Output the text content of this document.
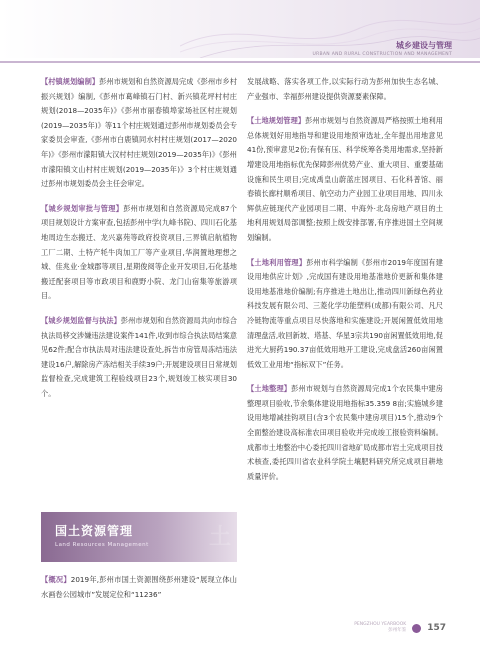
城乡建设与管理
URBAN AND RURAL CONSTRUCTION AND MANAGEMENT

【村镇规划编制】彭州市规划和自然资源局完成《彭州市乡村振兴规划》编制,《彭州市葛峰镇石门村、新兴镇花坪村村庄规划(2018—2035年)》《彭州市丽春镇埠家场社区村庄规划(2019—2035年)》等11个村庄规划通过彭州市规划委员会专家委员会审查,《彭州市白鹿镇同水村村庄规划(2017—2020年)》《彭州市濛阳镇大汉村村庄规划(2019—2035年)》《彭州市濛阳镇文山村村庄规划(2019—2035年)》3个村庄规划通过彭州市规划委员会主任会审定。

【城乡规划审批与管理】彭州市规划和自然资源局完成87个项目规划设计方案审查,包括彭州中学(九峰书院)、四川石化基地周边生态搬迁、龙兴嘉苑等政府投资项目,三界镇启航植物工厂二期、土特产牦牛肉加工厂等产业项目,华润置地理想之城、佳兆业·金城郡等项目,星期俊阅等企业开发项目,石化基地搬迁配套项目等市政项目和鹿野小院、龙门山宿集等旅游项目。

【城乡规划监督与执法】彭州市规划和自然资源局共向市综合执法局移交涉嫌违法建设案件141件,收到市综合执法局结案意见62件;配合市执法局对违法建设查处,拆告市房管局冻结违法建设16户,解除房产冻结相关手续39户;开展建设项目日常规划监督检查,完成建筑工程验线项目23个,规划竣工核实项目30个。

土
国土资源管理
Land Resources Management
【概况】2019年,彭州市国土资源围绕彭州建设“展现立体山水画卷公园城市”发展定位和“11236”

发展战略、落实各项工作,以实际行动为彭州加快生态名城、产业强市、幸福彭州建设提供资源要素保障。

【土地规划管理】彭州市规划与自然资源局严格按照土地利用总体规划好用地指导和建设用地预审选址,全年提出用地意见41份,预审意见2份;有保有压、科学统筹各类用地需求,坚持新增建设用地指标优先保障彭州优势产业、重大项目、重要基础设施和民生项目;完成禹皇山蔚蓝庄园项目、石化科普馆、丽春镇长廊村顺希项目、航空动力产业园工业项目用地、四川永辉供应链现代产业园项目二期、中海外·北岛房地产项目的土地利用规划局部调整;按照上级安排部署,有序推进国土空间规划编制。

【土地利用管理】彭州市科学编制《彭州市2019年度国有建设用地供应计划》,完成国有建设用地基准地价更新和集体建设用地基准地价编制;有序推进土地出让,推动四川新绿色药业科技发展有限公司、三菱化学功能塑料(成都)有限公司、凡尺冷链物流等重点项目尽快落地和实施建设;开展闲置低效用地清理盘活,收回新坡、塔基、华星3宗共190亩闲置低效用地,促进光大厨药190.37亩低效用地开工建设,完成盘活260亩闲置低效工业用地“指标双下”任务。

【土地整理】彭州市规划与自然资源局完成1个农民集中建房整理项目验收,节余集体建设用地指标35.359 8亩;实施城乡建设用地增减挂钩项目(含3个农民集中建房项目)15个,推动9个全面整治建设高标准农田项目验收并完成竣工报验资料编制。成都市土地整治中心委托四川省地矿局成都市岩土完成项目技术核查,委托四川省农业科学院土壤肥料研究所完成项目耕地质量评价。

PENGZHOU YEARBOOK
彭州年鉴 157
